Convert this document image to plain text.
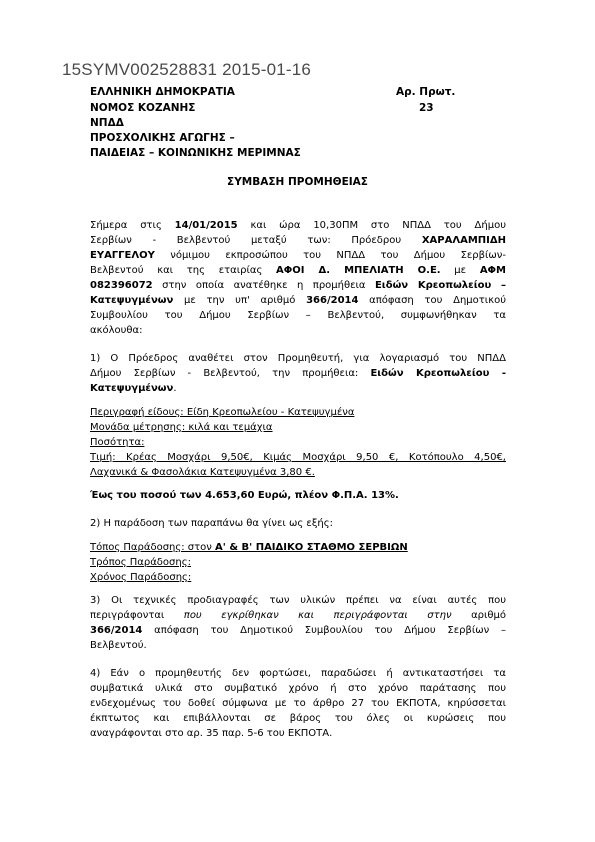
15SYMV002528831 2015-01-16
ΕΛΛΗΝΙΚΗ ΔΗΜΟΚΡΑΤΙΑ
ΝΟΜΟΣ ΚΟΖΑΝΗΣ
ΝΠΔΔ
ΠΡΟΣΧΟΛΙΚΗΣ ΑΓΩΓΗΣ –
ΠΑΙΔΕΙΑΣ – ΚΟΙΝΩΝΙΚΗΣ ΜΕΡΙΜΝΑΣ
Αρ. Πρωτ.
23
ΣΥΜΒΑΣΗ ΠΡΟΜΗΘΕΙΑΣ
Σήμερα στις 14/01/2015 και ώρα 10,30ΠΜ στο ΝΠΔΔ του Δήμου
Σερβίων - Βελβεντού μεταξύ των: Πρόεδρου ΧΑΡΑΛΑΜΠΙΔΗ
ΕΥΑΓΓΕΛΟΥ νόμιμου εκπροσώπου του ΝΠΔΔ του Δήμου Σερβίων-
Βελβεντού και της εταιρίας ΑΦΟΙ Δ. ΜΠΕΛΙΑΤΗ Ο.Ε. με ΑΦΜ
082396072 στην οποία ανατέθηκε η προμήθεια Ειδών Κρεοπωλείου –
Κατεψυγμένων με την υπ' αριθμό 366/2014 απόφαση του Δημοτικού
Συμβουλίου του Δήμου Σερβίων – Βελβεντού, συμφωνήθηκαν τα
ακόλουθα:
1) Ο Πρόεδρος αναθέτει στον Προμηθευτή, για λογαριασμό του ΝΠΔΔ
Δήμου Σερβίων - Βελβεντού, την προμήθεια: Ειδών Κρεοπωλείου -
Κατεψυγμένων.
Περιγραφή είδους: Είδη Κρεοπωλείου - Κατεψυγμένα
Μονάδα μέτρησης: κιλά και τεμάχια
Ποσότητα:
Τιμή: Κρέας Μοσχάρι 9,50€, Κιμάς Μοσχάρι 9,50 €, Κοτόπουλο 4,50€,
Λαχανικά & Φασολάκια Κατεψυγμένα 3,80 €.
Έως του ποσού των 4.653,60 Ευρώ, πλέον Φ.Π.Α. 13%.
2) Η παράδοση των παραπάνω θα γίνει ως εξής:
Τόπος Παράδοσης: στον Α' & Β' ΠΑΙΔΙΚΟ ΣΤΑΘΜΟ ΣΕΡΒΙΩΝ
Τρόπος Παράδοσης:
Χρόνος Παράδοσης:
3) Οι τεχνικές προδιαγραφές των υλικών πρέπει να είναι αυτές που
περιγράφονται που εγκρίθηκαν και περιγράφονται στην αριθμό
366/2014 απόφαση του Δημοτικού Συμβουλίου του Δήμου Σερβίων –
Βελβεντού.
4) Εάν ο προμηθευτής δεν φορτώσει, παραδώσει ή αντικαταστήσει τα
συμβατικά υλικά στο συμβατικό χρόνο ή στο χρόνο παράτασης που
ενδεχομένως του δοθεί σύμφωνα με το άρθρο 27 του ΕΚΠΟΤΑ, κηρύσσεται
έκπτωτος και επιβάλλονται σε βάρος του όλες οι κυρώσεις που
αναγράφονται στο αρ. 35 παρ. 5-6 του ΕΚΠΟΤΑ.
